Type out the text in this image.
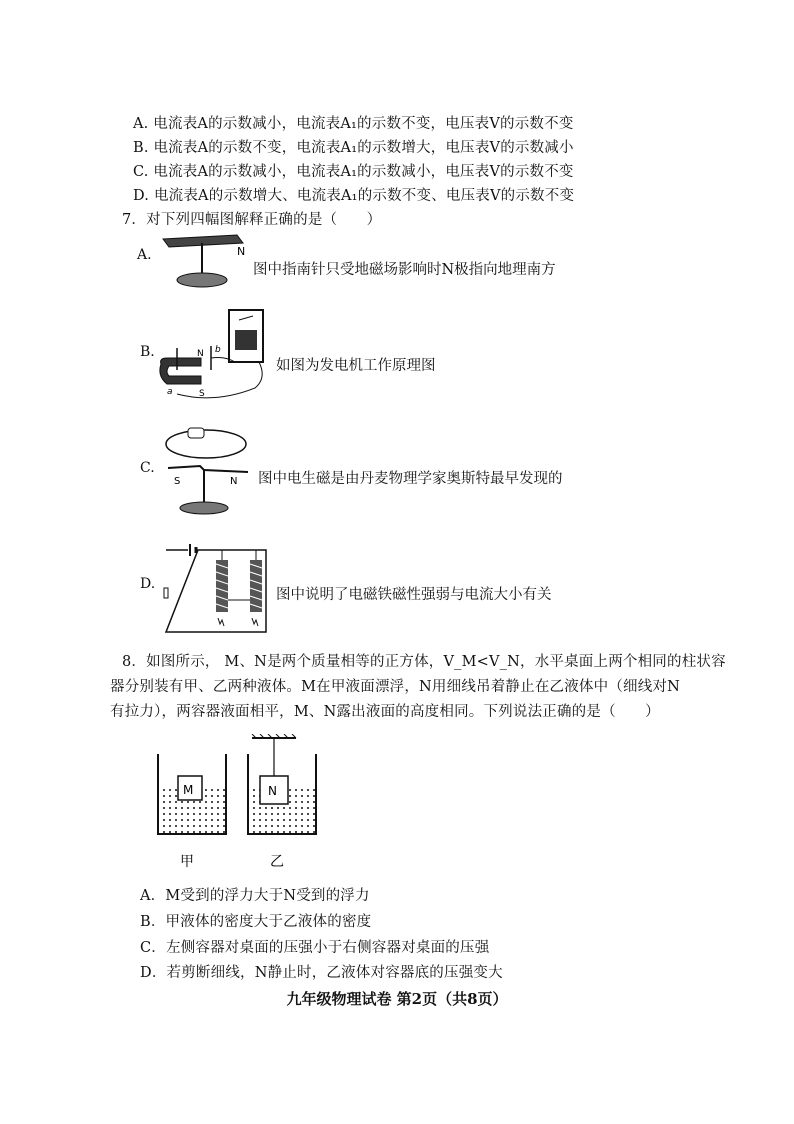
A. 电流表A的示数减小，电流表A₁的示数不变，电压表V的示数不变
B. 电流表A的示数不变，电流表A₁的示数增大，电压表V的示数减小
C. 电流表A的示数减小，电流表A₁的示数减小，电压表V的示数不变
D. 电流表A的示数增大、电流表A₁的示数不变、电压表V的示数不变
7．对下列四幅图解释正确的是（　　）
A.	N
图中指南针只受地磁场影响时N极指向地理南方
B.	N
S
a
b
如图为发电机工作原理图
C.
S	N 图中电生磁是由丹麦物理学家奥斯特最早发现的
D.
图中说明了电磁铁磁性强弱与电流大小有关
8．如图所示， M、N是两个质量相等的正方体，V_M<V_N，水平桌面上两个相同的柱状容
器分别装有甲、乙两种液体。M在甲液面漂浮，N用细线吊着静止在乙液体中（细线对N
有拉力），两容器液面相平，M、N露出液面的高度相同。下列说法正确的是（　　）
M	N
甲	乙
A．M受到的浮力大于N受到的浮力
B．甲液体的密度大于乙液体的密度
C．左侧容器对桌面的压强小于右侧容器对桌面的压强
D．若剪断细线，N静止时，乙液体对容器底的压强变大
九年级物理试卷 第2页（共8页）
